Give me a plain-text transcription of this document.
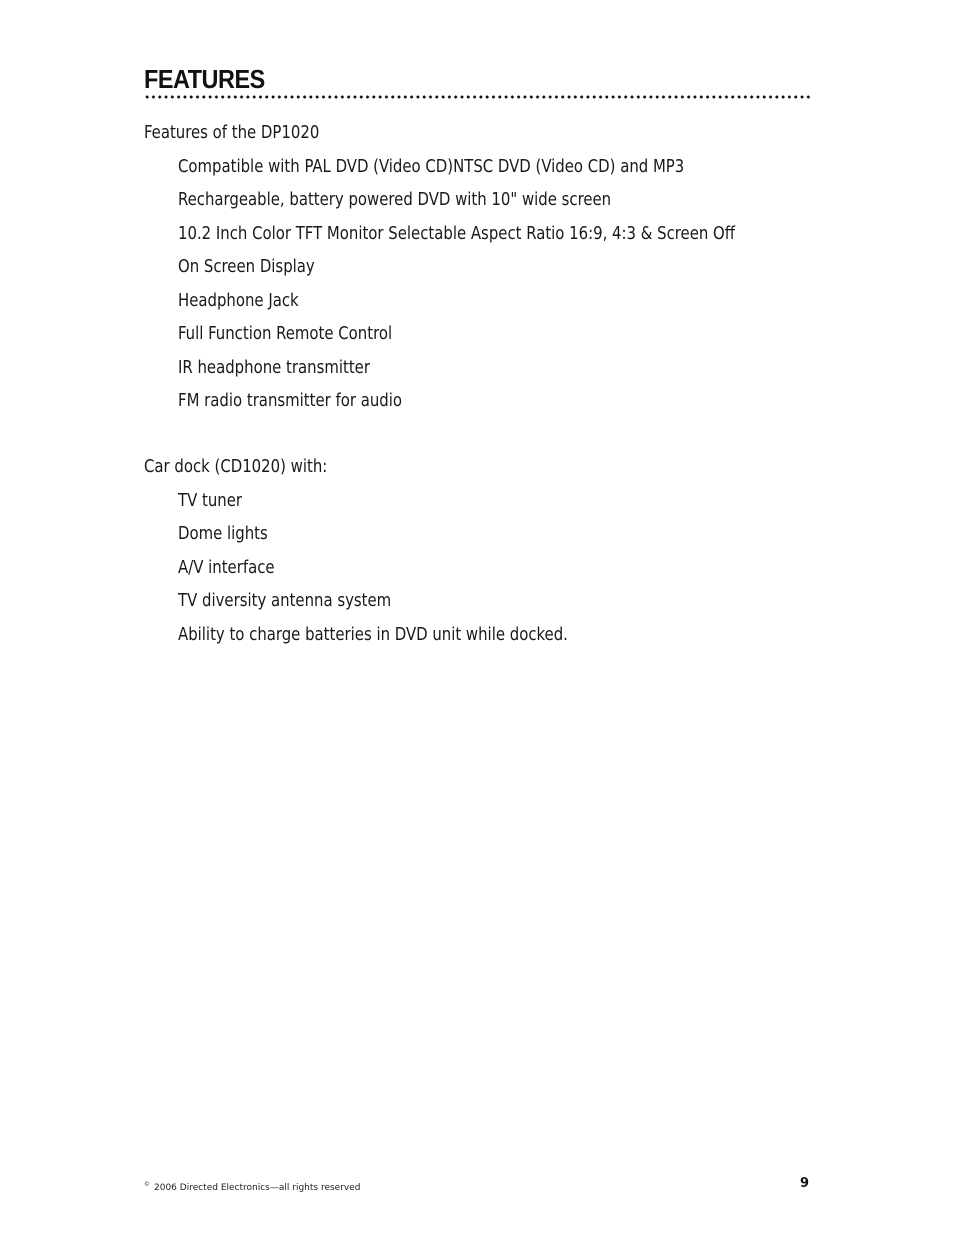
FEATURES
Features of the DP1020
Compatible with PAL DVD (Video CD)NTSC DVD (Video CD) and MP3
Rechargeable, battery powered DVD with 10" wide screen
10.2 Inch Color TFT Monitor Selectable Aspect Ratio 16:9, 4:3 & Screen Off
On Screen Display
Headphone Jack
Full Function Remote Control
IR headphone transmitter
FM radio transmitter for audio
Car dock (CD1020) with:
TV tuner
Dome lights
A/V interface
TV diversity antenna system
Ability to charge batteries in DVD unit while docked.
© 2006 Directed Electronics—all rights reserved	9
